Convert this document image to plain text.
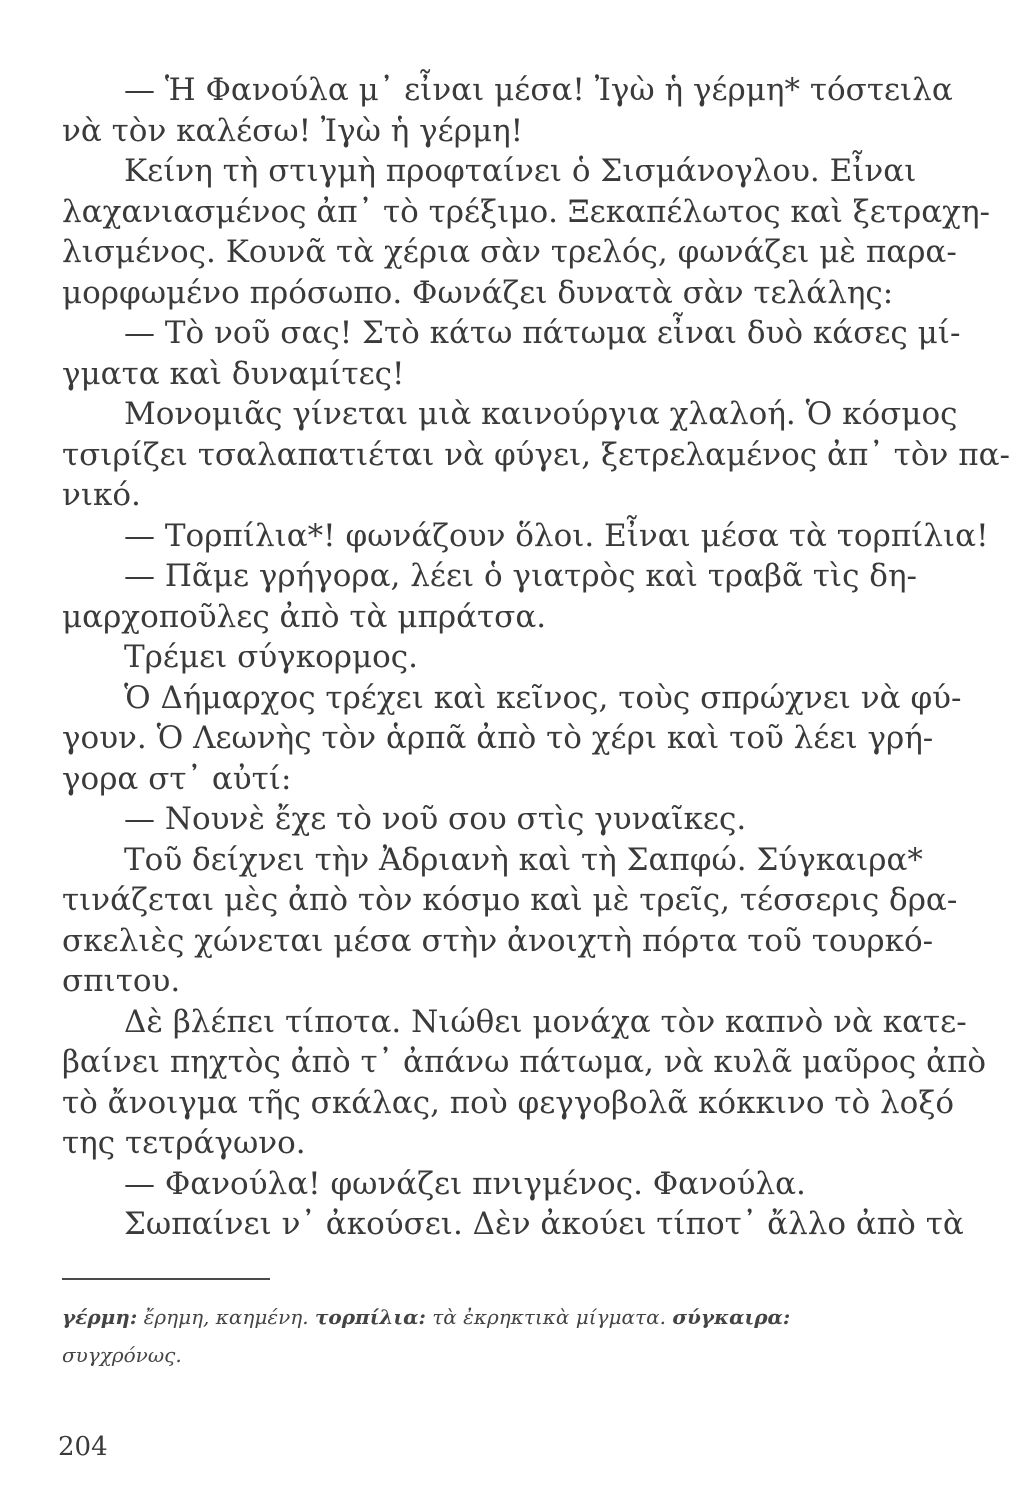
— Ἡ Φανούλα μ᾽ εἶναι μέσα! Ἰγὼ ἡ γέρμη* τόστειλα
νὰ τὸν καλέσω! Ἰγὼ ἡ γέρμη!
Κείνη τὴ στιγμὴ προφταίνει ὁ Σισμάνογλου. Εἶναι
λαχανιασμένος ἀπ᾽ τὸ τρέξιμο. Ξεκαπέλωτος καὶ ξετραχη-
λισμένος. Κουνᾶ τὰ χέρια σὰν τρελός, φωνάζει μὲ παρα-
μορφωμένο πρόσωπο. Φωνάζει δυνατὰ σὰν τελάλης:
— Τὸ νοῦ σας! Στὸ κάτω πάτωμα εἶναι δυὸ κάσες μί-
γματα καὶ δυναμίτες!
Μονομιᾶς γίνεται μιὰ καινούργια χλαλοή. Ὁ κόσμος
τσιρίζει τσαλαπατιέται νὰ φύγει, ξετρελαμένος ἀπ᾽ τὸν πα-
νικό.
— Τορπίλια*! φωνάζουν ὅλοι. Εἶναι μέσα τὰ τορπίλια!
— Πᾶμε γρήγορα, λέει ὁ γιατρὸς καὶ τραβᾶ τὶς δη-
μαρχοποῦλες ἀπὸ τὰ μπράτσα.
Τρέμει σύγκορμος.
Ὁ Δήμαρχος τρέχει καὶ κεῖνος, τοὺς σπρώχνει νὰ φύ-
γουν. Ὁ Λεωνὴς τὸν ἁρπᾶ ἀπὸ τὸ χέρι καὶ τοῦ λέει γρή-
γορα στ᾽ αὐτί:
— Νουνὲ ἔχε τὸ νοῦ σου στὶς γυναῖκες.
Τοῦ δείχνει τὴν Ἀδριανὴ καὶ τὴ Σαπφώ. Σύγκαιρα*
τινάζεται μὲς ἀπὸ τὸν κόσμο καὶ μὲ τρεῖς, τέσσερις δρα-
σκελιὲς χώνεται μέσα στὴν ἀνοιχτὴ πόρτα τοῦ τουρκό-
σπιτου.
Δὲ βλέπει τίποτα. Νιώθει μονάχα τὸν καπνὸ νὰ κατε-
βαίνει πηχτὸς ἀπὸ τ᾽ ἀπάνω πάτωμα, νὰ κυλᾶ μαῦρος ἀπὸ
τὸ ἄνοιγμα τῆς σκάλας, ποὺ φεγγοβολᾶ κόκκινο τὸ λοξό
της τετράγωνο.
— Φανούλα! φωνάζει πνιγμένος. Φανούλα.
Σωπαίνει ν᾽ ἀκούσει. Δὲν ἀκούει τίποτ᾽ ἄλλο ἀπὸ τὰ
γέρμη: ἔρημη, καημένη. τορπίλια: τὰ ἐκρηκτικὰ μίγματα. σύγκαιρα:
συγχρόνως.
204
